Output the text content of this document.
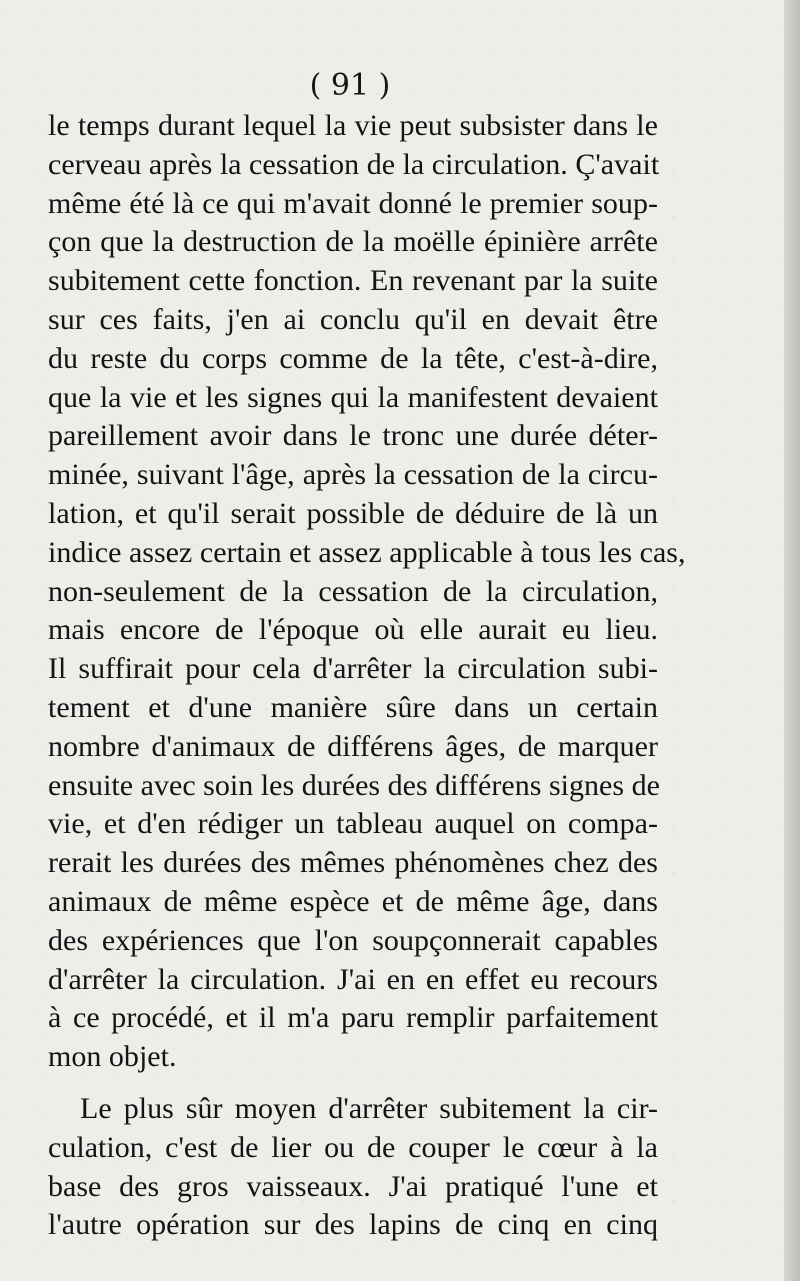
( 91 )
le temps durant lequel la vie peut subsister dans le
cerveau après la cessation de la circulation. Ç'avait
même été là ce qui m'avait donné le premier soup-
çon que la destruction de la moëlle épinière arrête
subitement cette fonction. En revenant par la suite
sur ces faits, j'en ai conclu qu'il en devait être
du reste du corps comme de la tête, c'est-à-dire,
que la vie et les signes qui la manifestent devaient
pareillement avoir dans le tronc une durée déter-
minée, suivant l'âge, après la cessation de la circu-
lation, et qu'il serait possible de déduire de là un
indice assez certain et assez applicable à tous les cas,
non-seulement de la cessation de la circulation,
mais encore de l'époque où elle aurait eu lieu.
Il suffirait pour cela d'arrêter la circulation subi-
tement et d'une manière sûre dans un certain
nombre d'animaux de différens âges, de marquer
ensuite avec soin les durées des différens signes de
vie, et d'en rédiger un tableau auquel on compa-
rerait les durées des mêmes phénomènes chez des
animaux de même espèce et de même âge, dans
des expériences que l'on soupçonnerait capables
d'arrêter la circulation. J'ai en en effet eu recours
à ce procédé, et il m'a paru remplir parfaitement
mon objet.
Le plus sûr moyen d'arrêter subitement la cir-
culation, c'est de lier ou de couper le cœur à la
base des gros vaisseaux. J'ai pratiqué l'une et
l'autre opération sur des lapins de cinq en cinq
